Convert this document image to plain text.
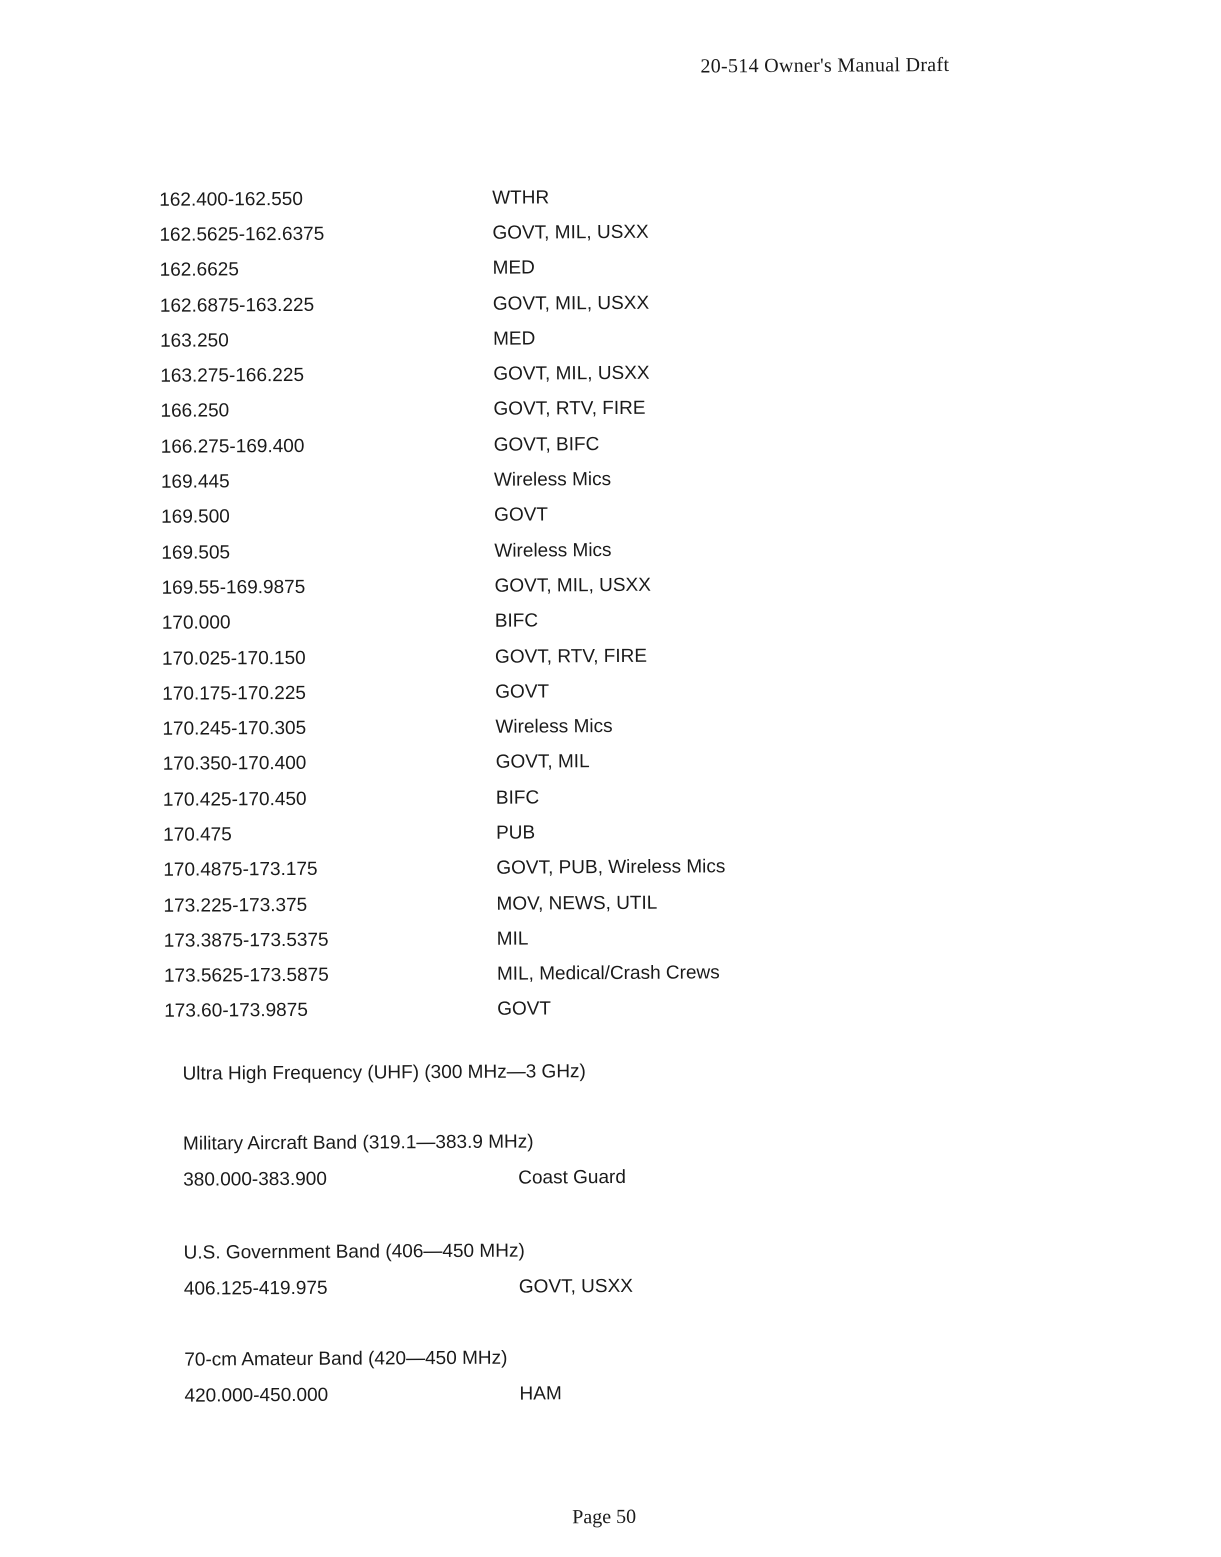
20-514 Owner's Manual Draft
162.400-162.550	WTHR
162.5625-162.6375	GOVT, MIL, USXX
162.6625	MED
162.6875-163.225	GOVT, MIL, USXX
163.250	MED
163.275-166.225	GOVT, MIL, USXX
166.250	GOVT, RTV, FIRE
166.275-169.400	GOVT, BIFC
169.445	Wireless Mics
169.500	GOVT
169.505	Wireless Mics
169.55-169.9875	GOVT, MIL, USXX
170.000	BIFC
170.025-170.150	GOVT, RTV, FIRE
170.175-170.225	GOVT
170.245-170.305	Wireless Mics
170.350-170.400	GOVT, MIL
170.425-170.450	BIFC
170.475	PUB
170.4875-173.175	GOVT, PUB, Wireless Mics
173.225-173.375	MOV, NEWS, UTIL
173.3875-173.5375	MIL
173.5625-173.5875	MIL, Medical/Crash Crews
173.60-173.9875	GOVT
Ultra High Frequency (UHF) (300 MHz—3 GHz)
Military Aircraft Band (319.1—383.9 MHz)
380.000-383.900	Coast Guard
U.S. Government Band (406—450 MHz)
406.125-419.975	GOVT, USXX
70-cm Amateur Band (420—450 MHz)
420.000-450.000	HAM
Page 50
